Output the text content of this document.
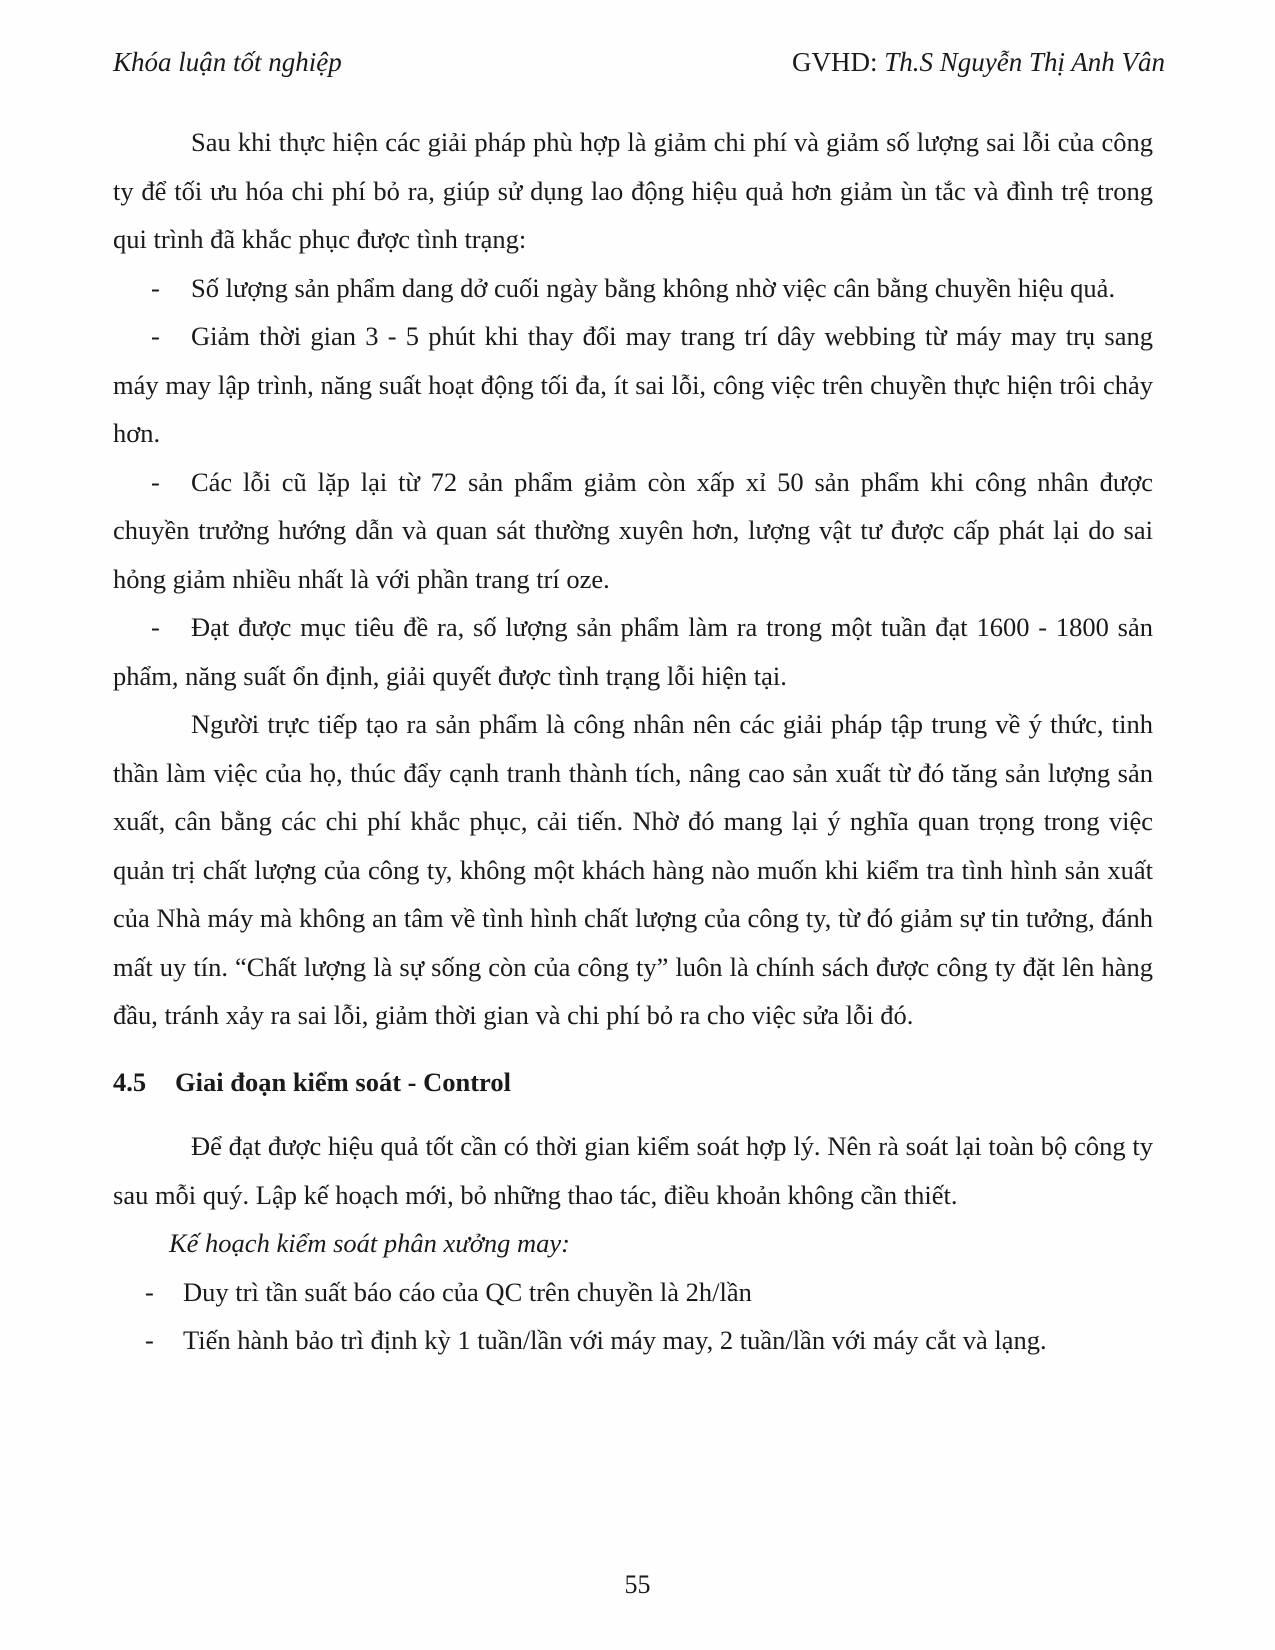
Khóa luận tốt nghiệp	GVHD: Th.S Nguyễn Thị Anh Vân

Sau khi thực hiện các giải pháp phù hợp là giảm chi phí và giảm số lượng sai lỗi của công ty để tối ưu hóa chi phí bỏ ra, giúp sử dụng lao động hiệu quả hơn giảm ùn tắc và đình trệ trong qui trình đã khắc phục được tình trạng:

- Số lượng sản phẩm dang dở cuối ngày bằng không nhờ việc cân bằng chuyền hiệu quả.

- Giảm thời gian 3 - 5 phút khi thay đổi may trang trí dây webbing từ máy may trụ sang máy may lập trình, năng suất hoạt động tối đa, ít sai lỗi, công việc trên chuyền thực hiện trôi chảy hơn.

- Các lỗi cũ lặp lại từ 72 sản phẩm giảm còn xấp xỉ 50 sản phẩm khi công nhân được chuyền trưởng hướng dẫn và quan sát thường xuyên hơn, lượng vật tư được cấp phát lại do sai hỏng giảm nhiều nhất là với phần trang trí oze.

- Đạt được mục tiêu đề ra, số lượng sản phẩm làm ra trong một tuần đạt 1600 - 1800 sản phẩm, năng suất ổn định, giải quyết được tình trạng lỗi hiện tại.

Người trực tiếp tạo ra sản phẩm là công nhân nên các giải pháp tập trung về ý thức, tinh thần làm việc của họ, thúc đẩy cạnh tranh thành tích, nâng cao sản xuất từ đó tăng sản lượng sản xuất, cân bằng các chi phí khắc phục, cải tiến. Nhờ đó mang lại ý nghĩa quan trọng trong việc quản trị chất lượng của công ty, không một khách hàng nào muốn khi kiểm tra tình hình sản xuất của Nhà máy mà không an tâm về tình hình chất lượng của công ty, từ đó giảm sự tin tưởng, đánh mất uy tín. “Chất lượng là sự sống còn của công ty” luôn là chính sách được công ty đặt lên hàng đầu, tránh xảy ra sai lỗi, giảm thời gian và chi phí bỏ ra cho việc sửa lỗi đó.

4.5 Giai đoạn kiểm soát - Control

Để đạt được hiệu quả tốt cần có thời gian kiểm soát hợp lý. Nên rà soát lại toàn bộ công ty sau mỗi quý. Lập kế hoạch mới, bỏ những thao tác, điều khoản không cần thiết.

Kế hoạch kiểm soát phân xưởng may:

- Duy trì tần suất báo cáo của QC trên chuyền là 2h/lần

- Tiến hành bảo trì định kỳ 1 tuần/lần với máy may, 2 tuần/lần với máy cắt và lạng.

55
